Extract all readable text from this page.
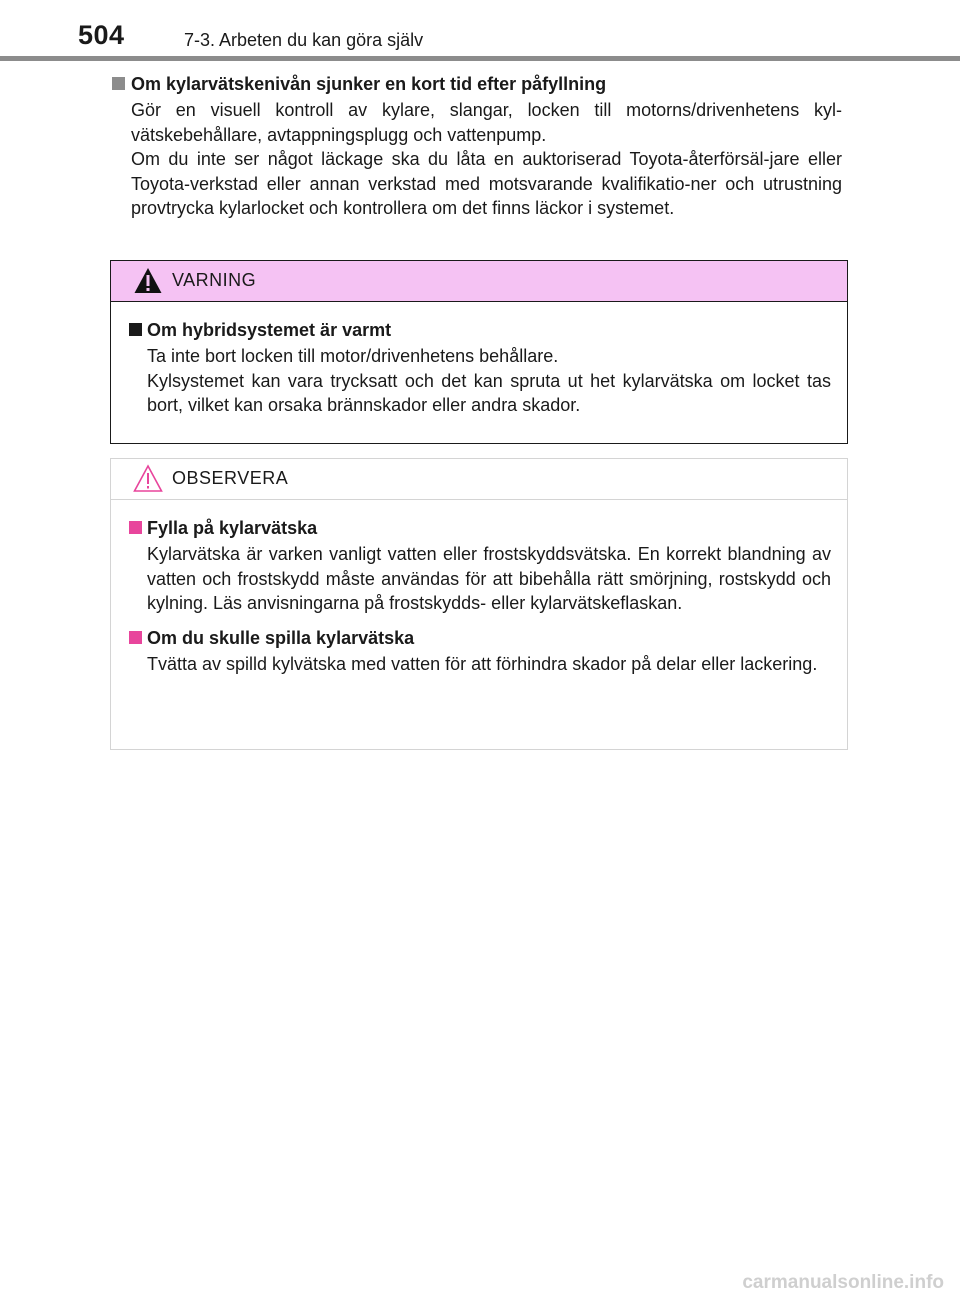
504	7-3. Arbeten du kan göra själv
Om kylarvätskenivån sjunker en kort tid efter påfyllning
Gör en visuell kontroll av kylare, slangar, locken till motorns/drivenhetens kyl-vätskebehållare, avtappningsplugg och vattenpump.
Om du inte ser något läckage ska du låta en auktoriserad Toyota-återförsäl-jare eller Toyota-verkstad eller annan verkstad med motsvarande kvalifikatio-ner och utrustning provtrycka kylarlocket och kontrollera om det finns läckor i systemet.
VARNING
Om hybridsystemet är varmt
Ta inte bort locken till motor/drivenhetens behållare.
Kylsystemet kan vara trycksatt och det kan spruta ut het kylarvätska om locket tas bort, vilket kan orsaka brännskador eller andra skador.
OBSERVERA
Fylla på kylarvätska
Kylarvätska är varken vanligt vatten eller frostskyddsvätska. En korrekt blandning av vatten och frostskydd måste användas för att bibehålla rätt smörjning, rostskydd och kylning. Läs anvisningarna på frostskydds- eller kylarvätskeflaskan.
Om du skulle spilla kylarvätska
Tvätta av spilld kylvätska med vatten för att förhindra skador på delar eller lackering.
carmanualsonline.info
